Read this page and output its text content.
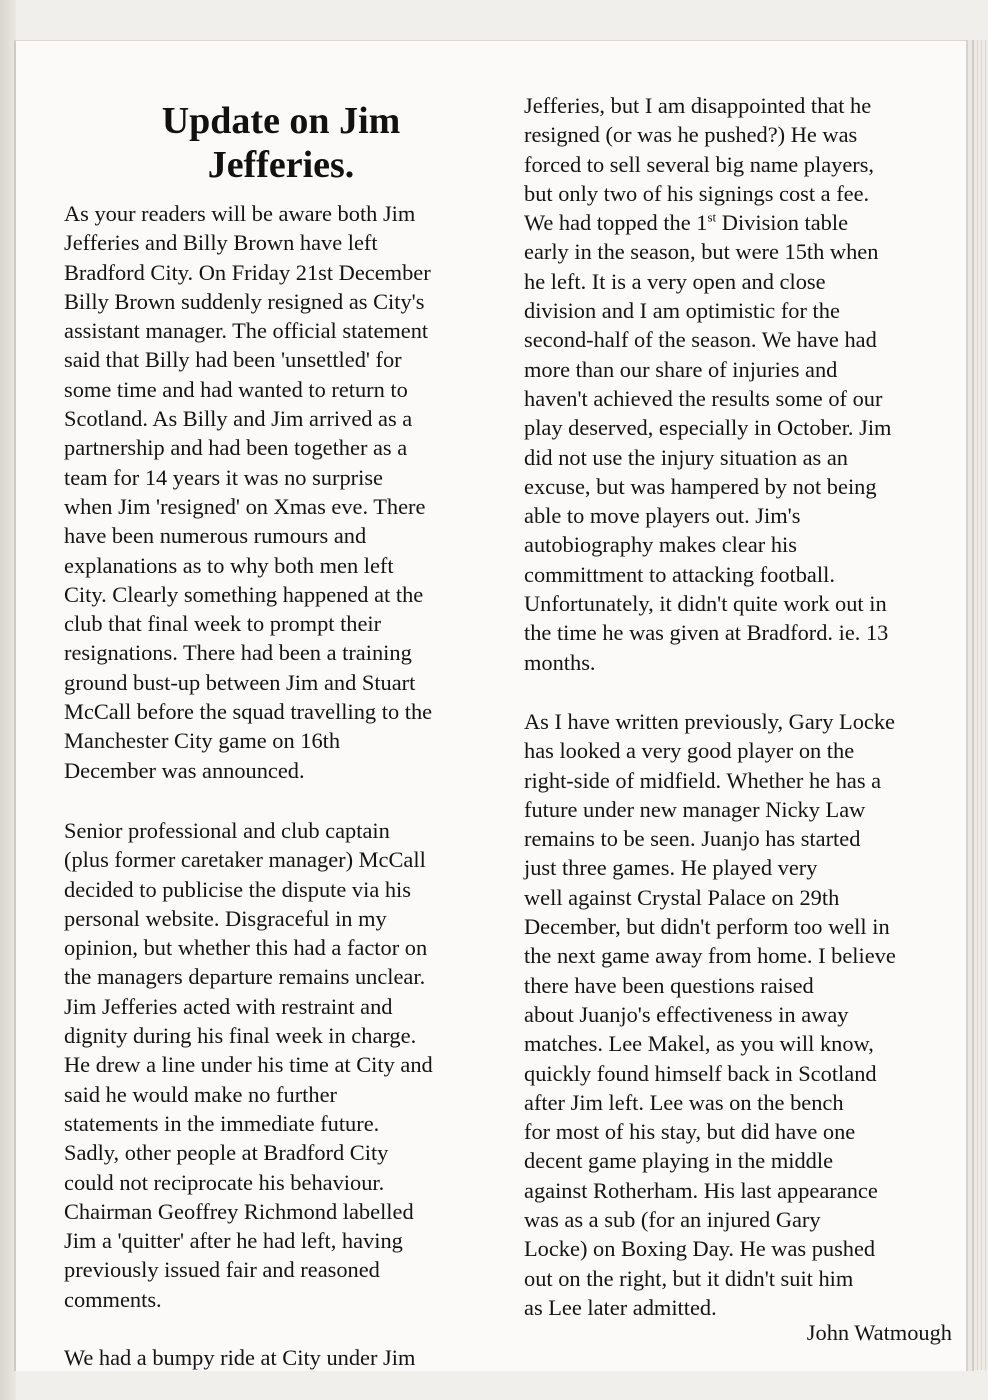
Update on Jim
Jefferies.
As your readers will be aware both Jim
Jefferies and Billy Brown have left
Bradford City. On Friday 21st December
Billy Brown suddenly resigned as City's
assistant manager. The official statement
said that Billy had been 'unsettled' for
some time and had wanted to return to
Scotland. As Billy and Jim arrived as a
partnership and had been together as a
team for 14 years it was no surprise
when Jim 'resigned' on Xmas eve. There
have been numerous rumours and
explanations as to why both men left
City. Clearly something happened at the
club that final week to prompt their
resignations. There had been a training
ground bust-up between Jim and Stuart
McCall before the squad travelling to the
Manchester City game on 16th
December was announced.
Senior professional and club captain
(plus former caretaker manager) McCall
decided to publicise the dispute via his
personal website. Disgraceful in my
opinion, but whether this had a factor on
the managers departure remains unclear.
Jim Jefferies acted with restraint and
dignity during his final week in charge.
He drew a line under his time at City and
said he would make no further
statements in the immediate future.
Sadly, other people at Bradford City
could not reciprocate his behaviour.
Chairman Geoffrey Richmond labelled
Jim a 'quitter' after he had left, having
previously issued fair and reasoned
comments.
We had a bumpy ride at City under Jim
Jefferies, but I am disappointed that he
resigned (or was he pushed?) He was
forced to sell several big name players,
but only two of his signings cost a fee.
We had topped the 1st Division table
early in the season, but were 15th when
he left. It is a very open and close
division and I am optimistic for the
second-half of the season. We have had
more than our share of injuries and
haven't achieved the results some of our
play deserved, especially in October. Jim
did not use the injury situation as an
excuse, but was hampered by not being
able to move players out. Jim's
autobiography makes clear his
committment to attacking football.
Unfortunately, it didn't quite work out in
the time he was given at Bradford. ie. 13
months.
As I have written previously, Gary Locke
has looked a very good player on the
right-side of midfield. Whether he has a
future under new manager Nicky Law
remains to be seen. Juanjo has started
just three games. He played very
well against Crystal Palace on 29th
December, but didn't perform too well in
the next game away from home. I believe
there have been questions raised
about Juanjo's effectiveness in away
matches. Lee Makel, as you will know,
quickly found himself back in Scotland
after Jim left. Lee was on the bench
for most of his stay, but did have one
decent game playing in the middle
against Rotherham. His last appearance
was as a sub (for an injured Gary
Locke) on Boxing Day. He was pushed
out on the right, but it didn't suit him
as Lee later admitted.
John Watmough
